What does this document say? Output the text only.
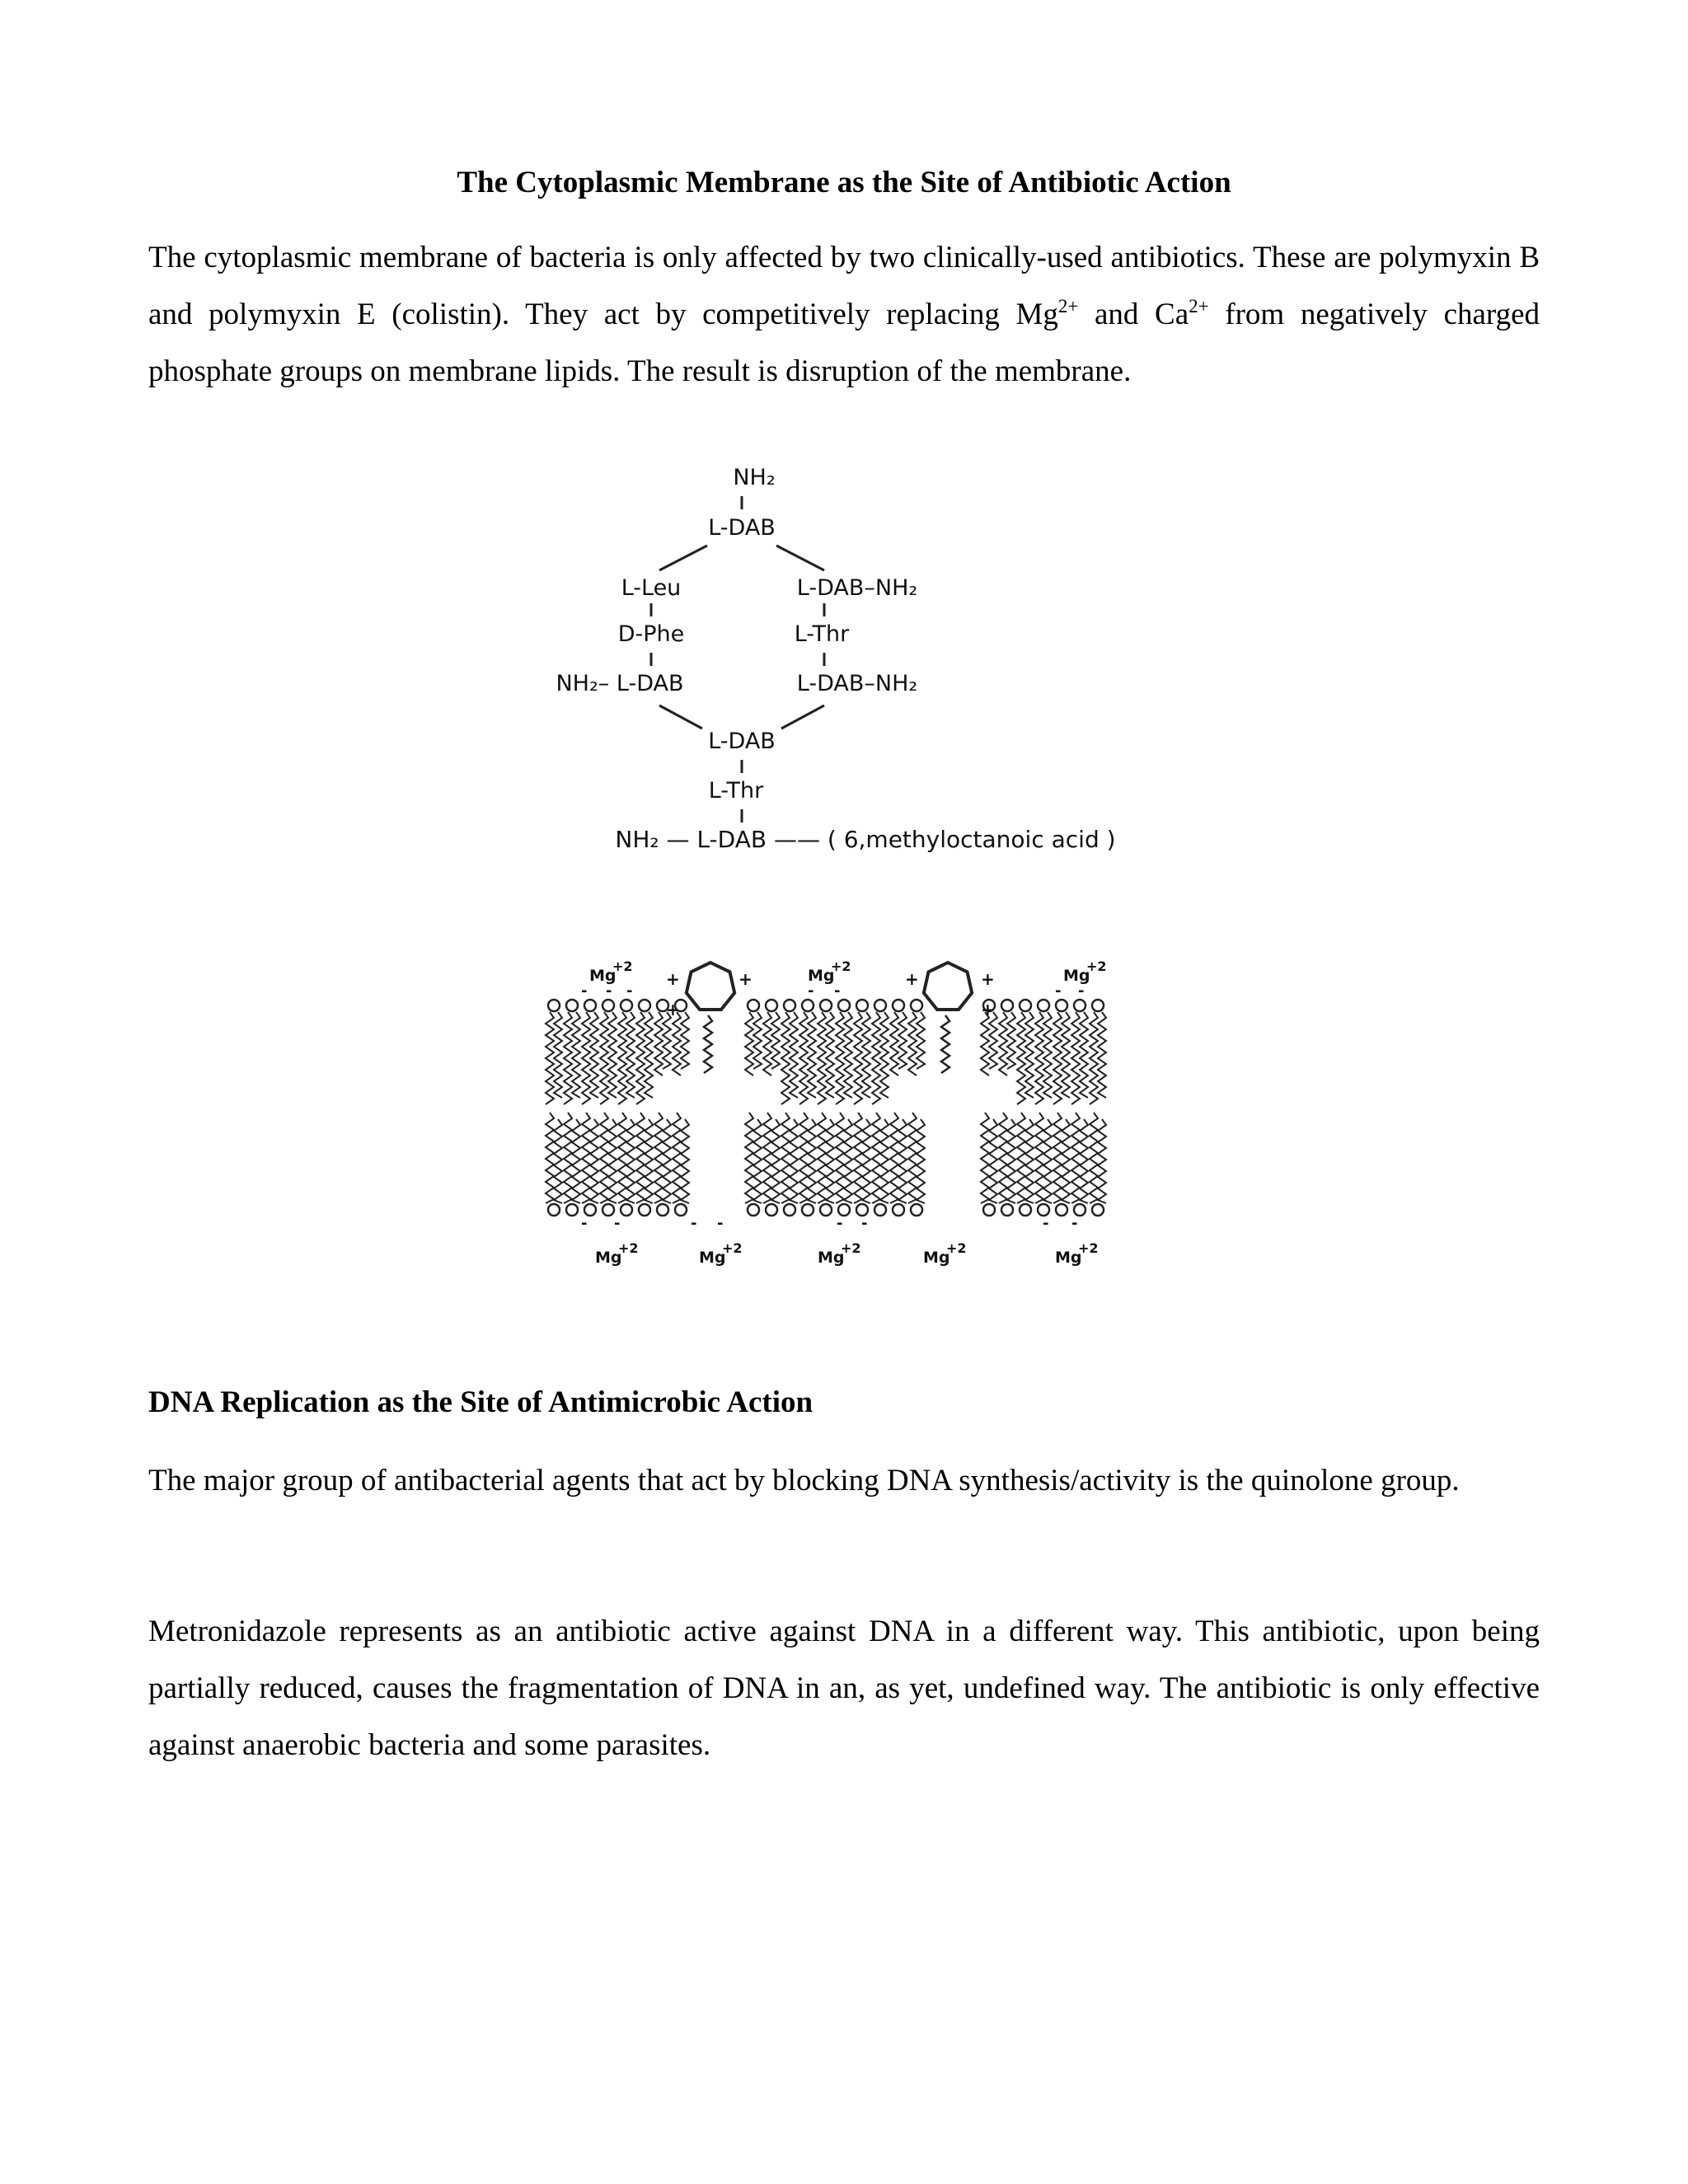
The Cytoplasmic Membrane as the Site of Antibiotic Action
The cytoplasmic membrane of bacteria is only affected by two clinically-used antibiotics. These are polymyxin B and polymyxin E (colistin). They act by competitively replacing $Mg^{2+}$ and $Ca^{2+}$ from negatively charged phosphate groups on membrane lipids. The result is disruption of the membrane.
NH₂
L-DAB
L-Leu
D-Phe
NH₂– L-DAB
L-DAB–NH₂
L-Thr
L-DAB–NH₂
L-DAB
L-Thr
NH₂ — L-DAB —— ( 6,methyloctanoic acid )
Mg
+2
Mg
+2
Mg
+2
Mg
+2
Mg
+2
Mg
+2
Mg
+2
Mg
+2
+	+	+	+
+	+
- - -	- -	- -
- -	- -	- -	- -
DNA Replication as the Site of Antimicrobic Action
The major group of antibacterial agents that act by blocking DNA synthesis/activity is the quinolone group.
Metronidazole represents as an antibiotic active against DNA in a different way. This antibiotic, upon being partially reduced, causes the fragmentation of DNA in an, as yet, undefined way. The antibiotic is only effective against anaerobic bacteria and some parasites.
